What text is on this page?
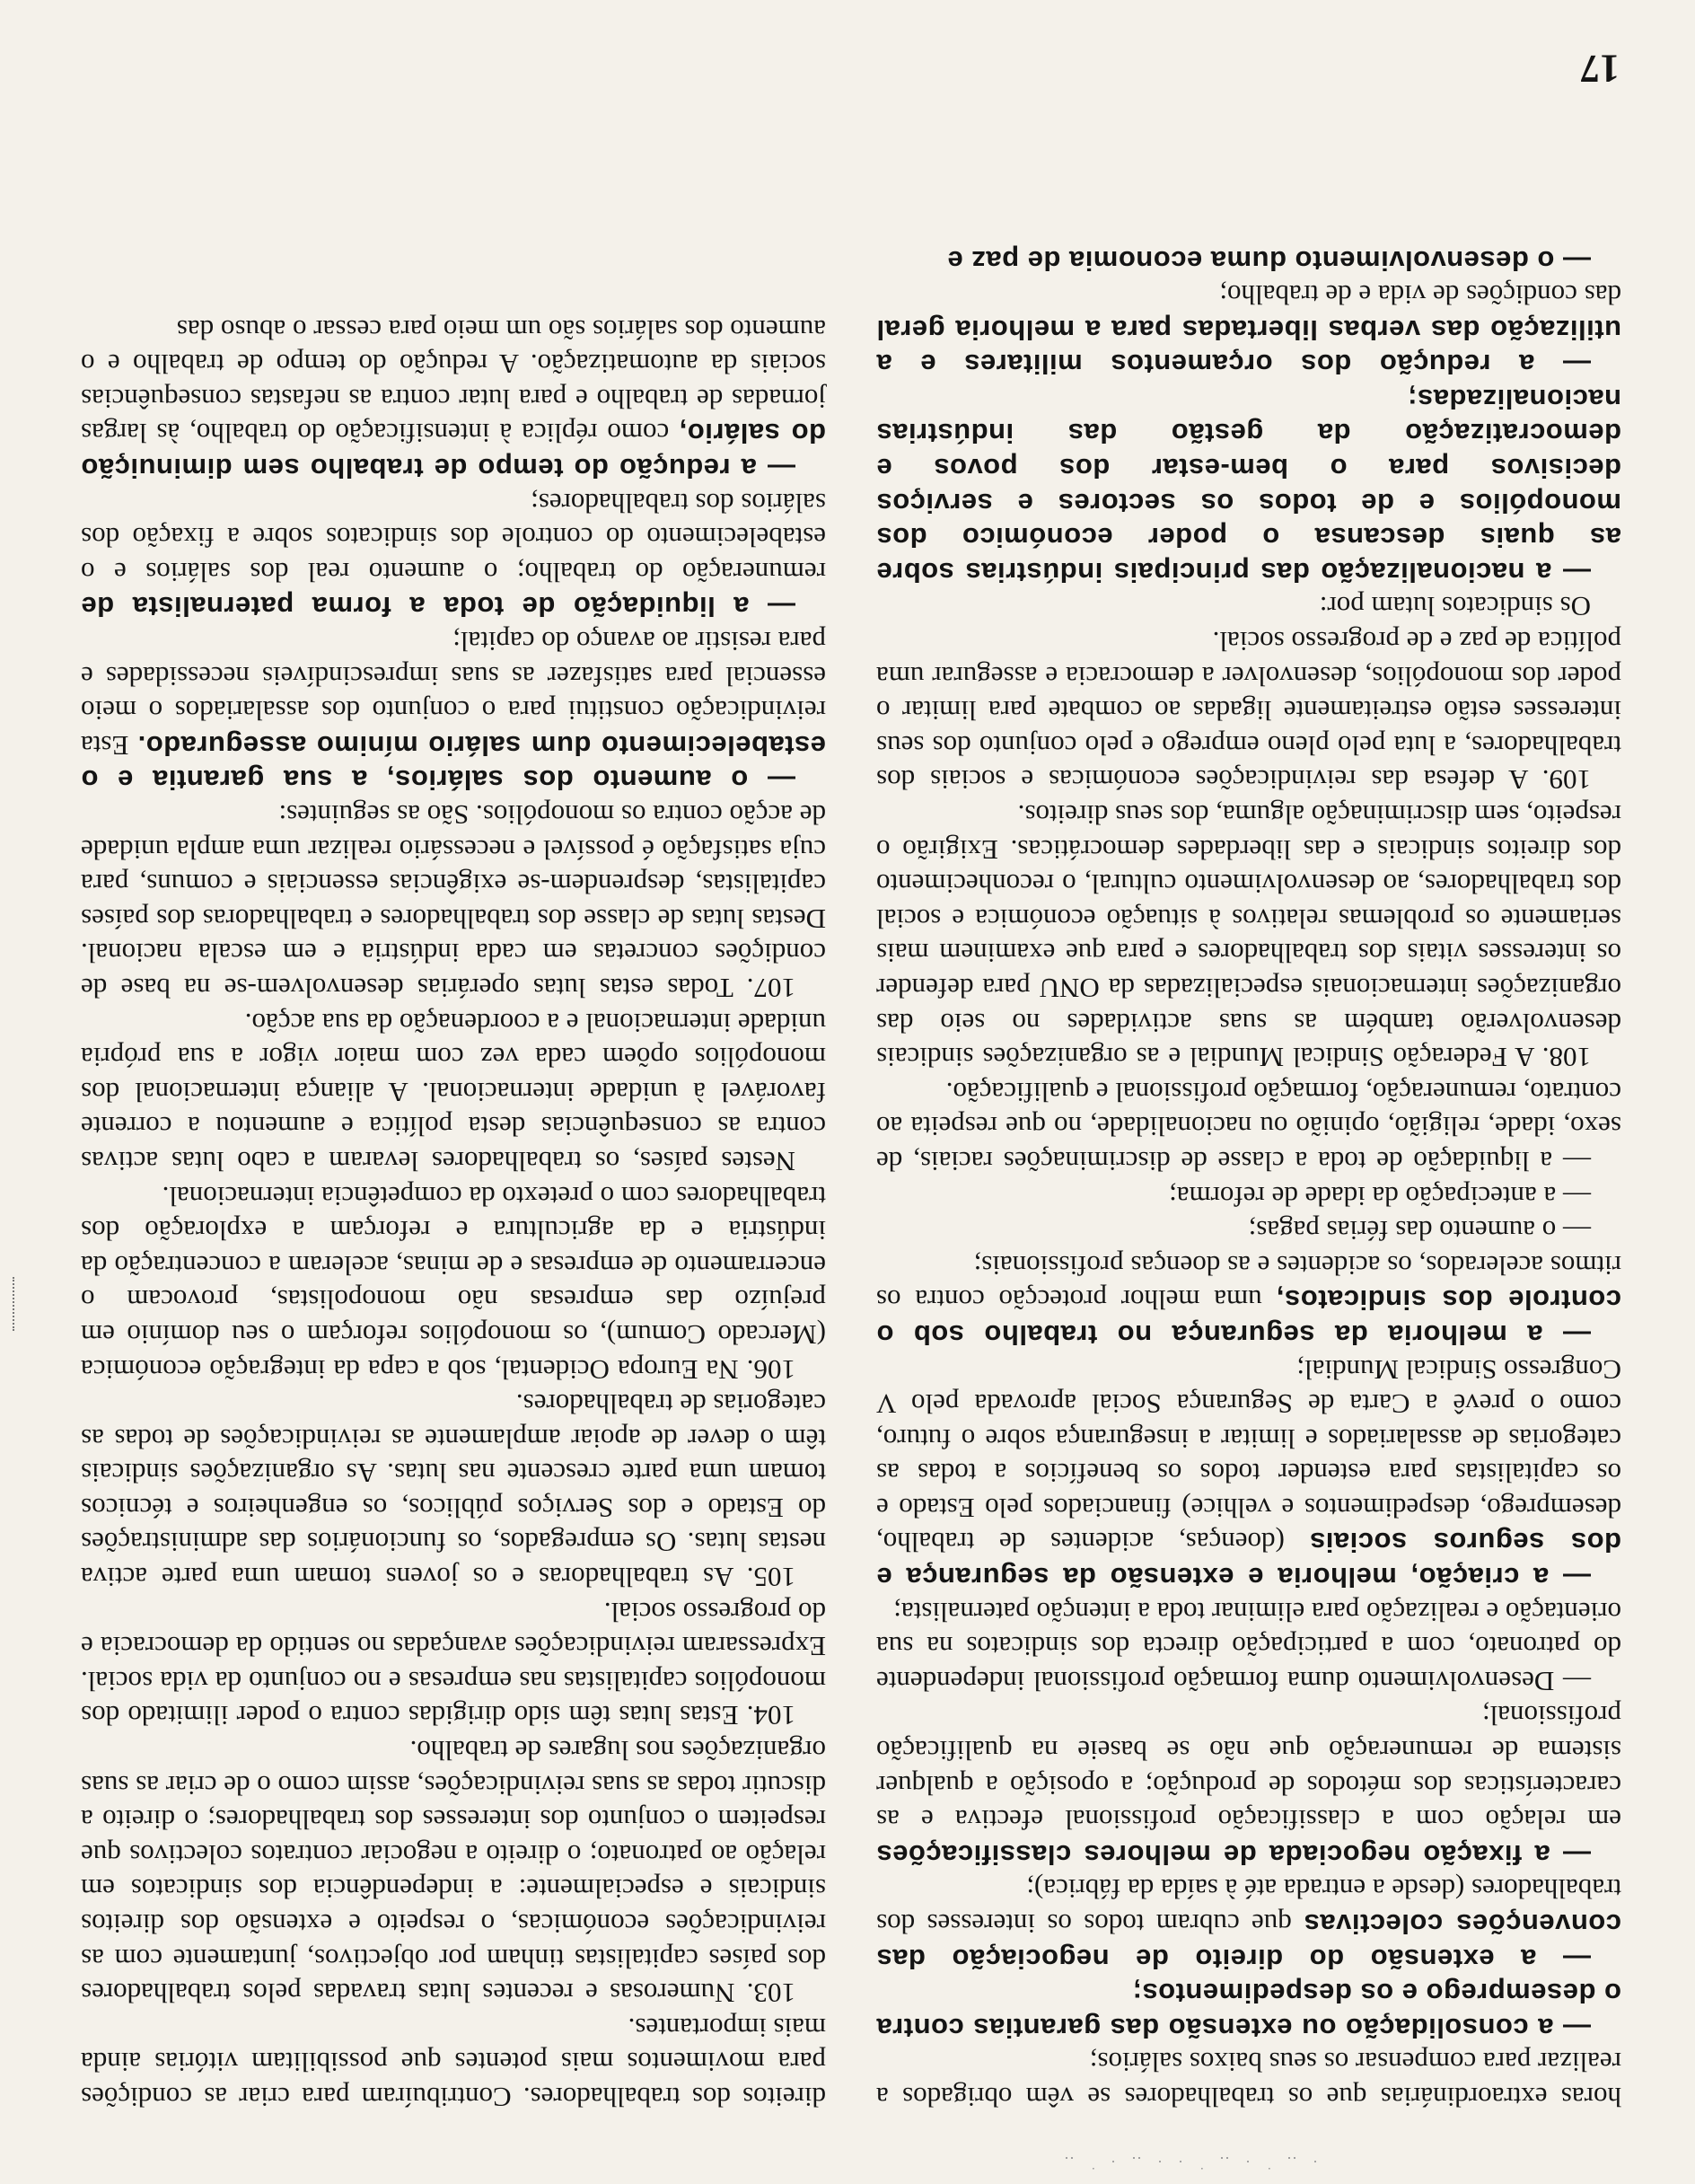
· ‥ ˙ · ‥ ˙ · · ‥ · ˙ ‥

horas extraordinárias que os trabalhadores se vêm obrigados a realizar para compensar os seus baixos salários;

— a consolidação ou extensão das garantias contra o desemprego e os despedimentos;

— a extensão do direito de negociação das convenções colectivas que cubram todos os interesses dos trabalhadores (desde a entrada até à saída da fábrica);

— a fixação negociada de melhores classificações em relação com a classificação profissional efectiva e as características dos métodos de produção; a oposição a qualquer sistema de remuneração que não se baseie na qualificação profissional;

— Desenvolvimento duma formação profissional independente do patronato, com a participação directa dos sindicatos na sua orientação e realização para eliminar toda a intenção paternalista;

— a criação, melhoria e extensão da segurança e dos seguros sociais (doenças, acidentes de trabalho, desemprego, despedimentos e velhice) financiados pelo Estado e os capitalistas para estender todos os benefícios a todas as categorias de assalariados e limitar a insegurança sobre o futuro, como o prevê a Carta de Segurança Social aprovada pelo V Congresso Sindical Mundial;

— a melhoria da segurança no trabalho sob o controle dos sindicatos, uma melhor protecção contra os ritmos acelerados, os acidentes e as doenças profissionais;

— o aumento das férias pagas;

— a antecipação da idade de reforma;

— a liquidação de toda a classe de discriminações raciais, de sexo, idade, religião, opinião ou nacionalidade, no que respeita ao contrato, remuneração, formação profissional e qualificação.

108. A Federação Sindical Mundial e as organizações sindicais desenvolverão também as suas actividades no seio das organizações internacionais especializadas da ONU para defender os interesses vitais dos trabalhadores e para que examinem mais seriamente os problemas relativos à situação económica e social dos trabalhadores, ao desenvolvimento cultural, o reconhecimento dos direitos sindicais e das liberdades democráticas. Exigirão o respeito, sem discriminação alguma, dos seus direitos.

109. A defesa das reivindicações económicas e sociais dos trabalhadores, a luta pelo pleno emprego e pelo conjunto dos seus interesses estão estreitamente ligadas ao combate para limitar o poder dos monopólios, desenvolver a democracia e assegurar uma política de paz e de progresso social.

Os sindicatos lutam por:

— a nacionalização das principais indústrias sobre as quais descansa o poder económico dos monopólios e de todos os sectores e serviços decisivos para o bem-estar dos povos e democratização da gestão das indústrias nacionalizadas;

— a redução dos orçamentos militares e a utilização das verbas libertadas para a melhoria geral das condições de vida e de trabalho;

— o desenvolvimento duma economia de paz e

direitos dos trabalhadores. Contribuíram para criar as condições para movimentos mais potentes que possibilitam vitórias ainda mais importantes.

103. Numerosas e recentes lutas travadas pelos trabalhadores dos países capitalistas tinham por objectivos, juntamente com as reivindicações económicas, o respeito e extensão dos direitos sindicais e especialmente: a independência dos sindicatos em relação ao patronato; o direito a negociar contratos colectivos que respeitem o conjunto dos interesses dos trabalhadores; o direito a discutir todas as suas reivindicações, assim como o de criar as suas organizações nos lugares de trabalho.

104. Estas lutas têm sido dirigidas contra o poder ilimitado dos monopólios capitalistas nas empresas e no conjunto da vida social. Expressaram reivindicações avançadas no sentido da democracia e do progresso social.

105. As trabalhadoras e os jovens tomam uma parte activa nestas lutas. Os empregados, os funcionários das administrações do Estado e dos Serviços públicos, os engenheiros e técnicos tomam uma parte crescente nas lutas. As organizações sindicais têm o dever de apoiar amplamente as reivindicações de todas as categorias de trabalhadores.

106. Na Europa Ocidental, sob a capa da integração económica (Mercado Comum), os monopólios reforçam o seu domínio em prejuízo das empresas não monopolistas, provocam o encerramento de empresas e de minas, aceleram a concentração da indústria e da agricultura e reforçam a exploração dos trabalhadores com o pretexto da competência internacional.

Nestes países, os trabalhadores levaram a cabo lutas activas contra as consequências desta política e aumentou a corrente favorável à unidade internacional. A aliança internacional dos monopólios opõem cada vez com maior vigor a sua própria unidade internacional e a coordenação da sua acção.

107. Todas estas lutas operárias desenvolvem-se na base de condições concretas em cada indústria e em escala nacional. Destas lutas de classe dos trabalhadores e trabalhadoras dos países capitalistas, desprendem-se exigências essenciais e comuns, para cuja satisfação é possível e necessário realizar uma ampla unidade de acção contra os monopólios. São as seguintes:

— o aumento dos salários, a sua garantia e o estabelecimento dum salário mínimo assegurado. Esta reivindicação constitui para o conjunto dos assalariados o meio essencial para satisfazer as suas imprescindíveis necessidades e para resistir ao avanço do capital;

— a liquidação de toda a forma paternalista de remuneração do trabalho; o aumento real dos salários e o estabelecimento do controle dos sindicatos sobre a fixação dos salários dos trabalhadores;

— a redução do tempo de trabalho sem diminuição do salário, como réplica à intensificação do trabalho, às largas jornadas de trabalho e para lutar contra as nefastas consequências sociais da automatização. A redução do tempo de trabalho e o aumento dos salários são um meio para cessar o abuso das

17
